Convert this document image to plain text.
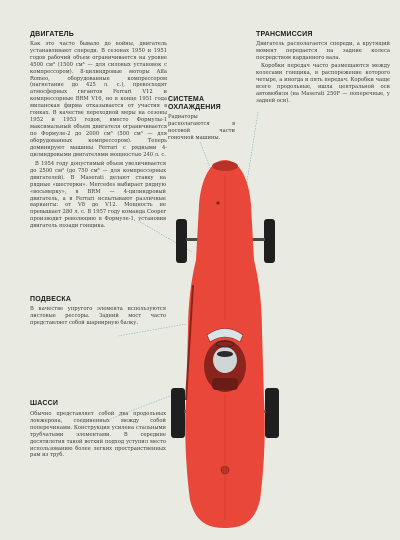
ДВИГАТЕЛЬ
Как это часто бывало до войны, двигатель устанавливают спереди. В сезонах 1950 и 1951 годов рабочий объем ограничивается на уровне 4500 см³ (1500 см³ — для силовых установок с компрессором). 8-цилиндровые моторы Alfa Romeo, оборудованные компрессором (нагнетание до 425 л. с.), превосходят атмосферных гигантов Ferrari V12 и компрессорные BRM V16, но в конце 1951 года миланская фирма отказывается от участия в гонках. В качестве переходной меры на сезоны 1952 и 1953 годов, вместо Формулы-1 максимальный объем двигателя ограничивается по Формуле-2 до 2000 см³ (500 см³ — для оборудованных компрессором). Теперь доминируют машины Ferrari с рядными 4-цилиндровыми двигателями мощностью 240 л. с.
В 1954 году допустимый объем увеличивается до 2500 см³ (до 750 см³ — для компрессорных двигателей). В Maserati делают ставку на рядные «шестерки». Mercedes выбирает рядную «восьмерку», в BRM — 4-цилиндровый двигатель, а в Ferrari испытывают различные варианты: от V8 до V12. Мощность не превышает 280 л. с. В 1957 году команда Cooper производит революцию в Формуле-1, установив двигатель позади гонщика.
СИСТЕМА ОХЛАЖДЕНИЯ
Радиаторы располагаются в носовой части гоночной машины.
ТРАНСМИССИЯ
Двигатель располагается спереди, а крутящий момент передается на задние колеса посредством карданного вала.
Коробки передач часто размещаются между колесами гонщика, в распорежение которого четыре, а иногда и пять передач. Коробки чаще всего продольные, ишла центральной оси автомобиля (на Maserati 250F — поперечные, у задней оси).
ПОДВЕСКА
В качестве упругого элемента используются листовые рессоры. Задний мост часто представляет собой шарнирную балку.
ШАССИ
Обычно представляет собой два продольных лонжерона, соединенных между собой поперечинами. Конструкция усилена стальными трубчатыми элементами. В середине десятилетия такой ветхий подход уступил место использованию более легких пространственных рам из труб.
